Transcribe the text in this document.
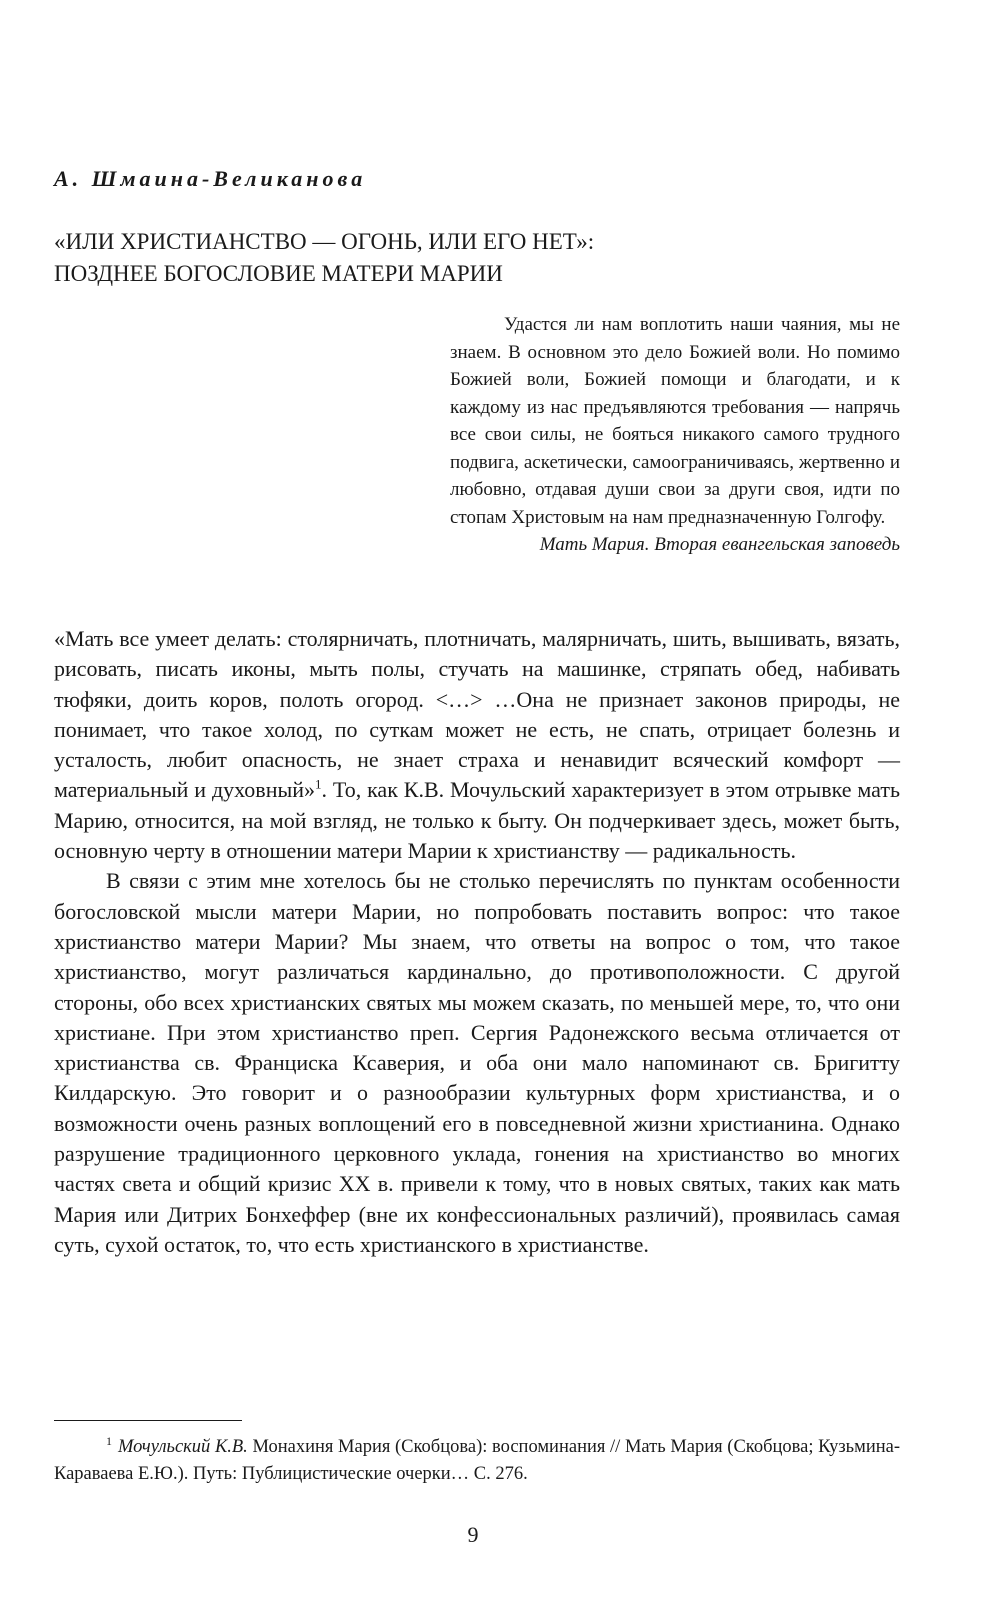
А. Шмаина-Великанова

«ИЛИ ХРИСТИАНСТВО — ОГОНЬ, ИЛИ ЕГО НЕТ»:
ПОЗДНЕЕ БОГОСЛОВИЕ МАТЕРИ МАРИИ

Удастся ли нам воплотить наши чаяния, мы не знаем. В основном это дело Божией воли. Но помимо Божией воли, Божией помощи и благодати, и к каждому из нас предъявляются требования — напрячь все свои силы, не бояться никакого самого трудного подвига, аскетически, самоограничиваясь, жертвенно и любовно, отдавая души свои за други своя, идти по стопам Христовым на нам предназначенную Голгофу.

Мать Мария. Вторая евангельская заповедь

«Мать все умеет делать: столярничать, плотничать, малярничать, шить, вышивать, вязать, рисовать, писать иконы, мыть полы, стучать на машинке, стряпать обед, набивать тюфяки, доить коров, полоть огород. <…> …Она не признает законов природы, не понимает, что такое холод, по суткам может не есть, не спать, отрицает болезнь и усталость, любит опасность, не знает страха и ненавидит всяческий комфорт — материальный и духовный»$^1$. То, как К.В. Мочульский характеризует в этом отрывке мать Марию, относится, на мой взгляд, не только к быту. Он подчеркивает здесь, может быть, основную черту в отношении матери Марии к христианству — радикальность.

В связи с этим мне хотелось бы не столько перечислять по пунктам особенности богословской мысли матери Марии, но попробовать поставить вопрос: что такое христианство матери Марии? Мы знаем, что ответы на вопрос о том, что такое христианство, могут различаться кардинально, до противоположности. С другой стороны, обо всех христианских святых мы можем сказать, по меньшей мере, то, что они христиане. При этом христианство преп. Сергия Радонежского весьма отличается от христианства св. Франциска Ксаверия, и оба они мало напоминают св. Бригитту Килдарскую. Это говорит и о разнообразии культурных форм христианства, и о возможности очень разных воплощений его в повседневной жизни христианина. Однако разрушение традиционного церковного уклада, гонения на христианство во многих частях света и общий кризис XX в. привели к тому, что в новых святых, таких как мать Мария или Дитрих Бонхеффер (вне их конфессиональных различий), проявилась самая суть, сухой остаток, то, что есть христианского в христианстве.

$^1$ Мочульский К.В. Монахиня Мария (Скобцова): воспоминания // Мать Мария (Скобцова; Кузьмина-Караваева Е.Ю.). Путь: Публицистические очерки… С. 276.

9
